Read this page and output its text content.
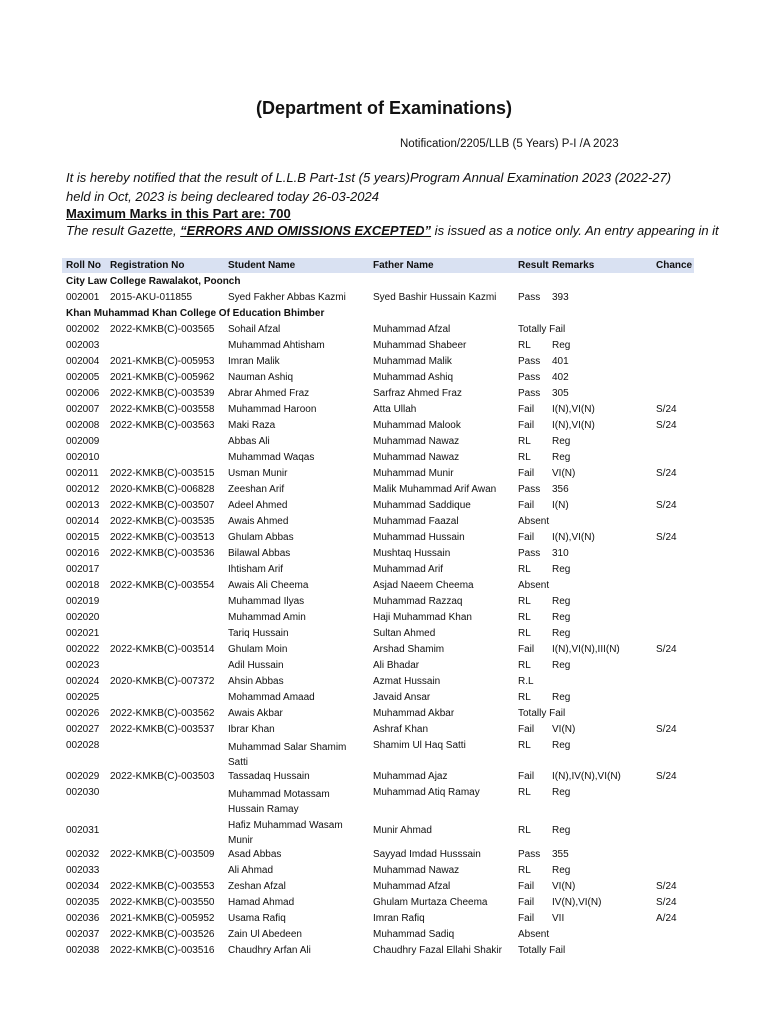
(Department of Examinations)
Notification/2205/LLB (5 Years) P-I /A 2023
It is hereby notified that the result of L.L.B Part-1st (5 years)Program Annual Examination 2023 (2022-27)
held in Oct, 2023 is being decleared today 26-03-2024
Maximum Marks in this Part are: 700
The result Gazette, “ERRORS AND OMISSIONS EXCEPTED” is issued as a notice only. An entry appearing in it
Roll No Registration No	Student Name	Father Name	Result Remarks	Chance
City Law College Rawalakot, Poonch
002001 2015-AKU-011855	Syed Fakher Abbas Kazmi	Syed Bashir Hussain Kazmi Pass 393
Khan Muhammad Khan College Of Education Bhimber
002002 2022-KMKB(C)-003565 Sohail Afzal	Muhammad Afzal	Totally Fail
002003	Muhammad Ahtisham	Muhammad Shabeer	RL Reg
002004 2021-KMKB(C)-005953 Imran Malik	Muhammad Malik	Pass 401
002005 2021-KMKB(C)-005962 Nauman Ashiq	Muhammad Ashiq	Pass 402
002006 2022-KMKB(C)-003539 Abrar Ahmed Fraz	Sarfraz Ahmed Fraz	Pass 305
002007 2022-KMKB(C)-003558 Muhammad Haroon	Atta Ullah	Fail I(N),VI(N)	S/24
002008 2022-KMKB(C)-003563 Maki Raza	Muhammad Malook	Fail I(N),VI(N)	S/24
002009	Abbas Ali	Muhammad Nawaz	RL Reg
002010	Muhammad Waqas	Muhammad Nawaz	RL Reg
002011 2022-KMKB(C)-003515 Usman Munir	Muhammad Munir	Fail VI(N)	S/24
002012 2020-KMKB(C)-006828 Zeeshan Arif	Malik Muhammad Arif Awan Pass 356
002013 2022-KMKB(C)-003507 Adeel Ahmed	Muhammad Saddique	Fail I(N)	S/24
002014 2022-KMKB(C)-003535 Awais Ahmed	Muhammad Faazal	Absent
002015 2022-KMKB(C)-003513 Ghulam Abbas	Muhammad Hussain	Fail I(N),VI(N)	S/24
002016 2022-KMKB(C)-003536 Bilawal Abbas	Mushtaq Hussain	Pass 310
002017	Ihtisham Arif	Muhammad Arif	RL Reg
002018 2022-KMKB(C)-003554 Awais Ali Cheema	Asjad Naeem Cheema	Absent
002019	Muhammad Ilyas	Muhammad Razzaq	RL Reg
002020	Muhammad Amin	Haji Muhammad Khan	RL Reg
002021	Tariq Hussain	Sultan Ahmed	RL Reg
002022 2022-KMKB(C)-003514 Ghulam Moin	Arshad Shamim	Fail I(N),VI(N),III(N)	S/24
002023	Adil Hussain	Ali Bhadar	RL Reg
002024 2020-KMKB(C)-007372 Ahsin Abbas	Azmat Hussain	R.L
002025	Mohammad Amaad	Javaid Ansar	RL Reg
002026 2022-KMKB(C)-003562 Awais Akbar	Muhammad Akbar	Totally Fail
002027 2022-KMKB(C)-003537 Ibrar Khan	Ashraf Khan	Fail VI(N)	S/24
002028	Muhammad Salar Shamim
Satti
Shamim Ul Haq Satti	RL Reg
002029 2022-KMKB(C)-003503 Tassadaq Hussain	Muhammad Ajaz	Fail I(N),IV(N),VI(N)	S/24
002030	Muhammad Motassam
Hussain Ramay
Muhammad Atiq Ramay	RL Reg
002031	Hafiz Muhammad Wasam
Munir
Munir Ahmad	RL Reg
002032 2022-KMKB(C)-003509 Asad Abbas	Sayyad Imdad Husssain	Pass 355
002033	Ali Ahmad	Muhammad Nawaz	RL Reg
002034 2022-KMKB(C)-003553 Zeshan Afzal	Muhammad Afzal	Fail VI(N)	S/24
002035 2022-KMKB(C)-003550 Hamad Ahmad	Ghulam Murtaza Cheema	Fail IV(N),VI(N)	S/24
002036 2021-KMKB(C)-005952 Usama Rafiq	Imran Rafiq	Fail VII	A/24
002037 2022-KMKB(C)-003526 Zain Ul Abedeen	Muhammad Sadiq	Absent
002038 2022-KMKB(C)-003516 Chaudhry Arfan Ali	Chaudhry Fazal Ellahi Shakir Totally Fail
